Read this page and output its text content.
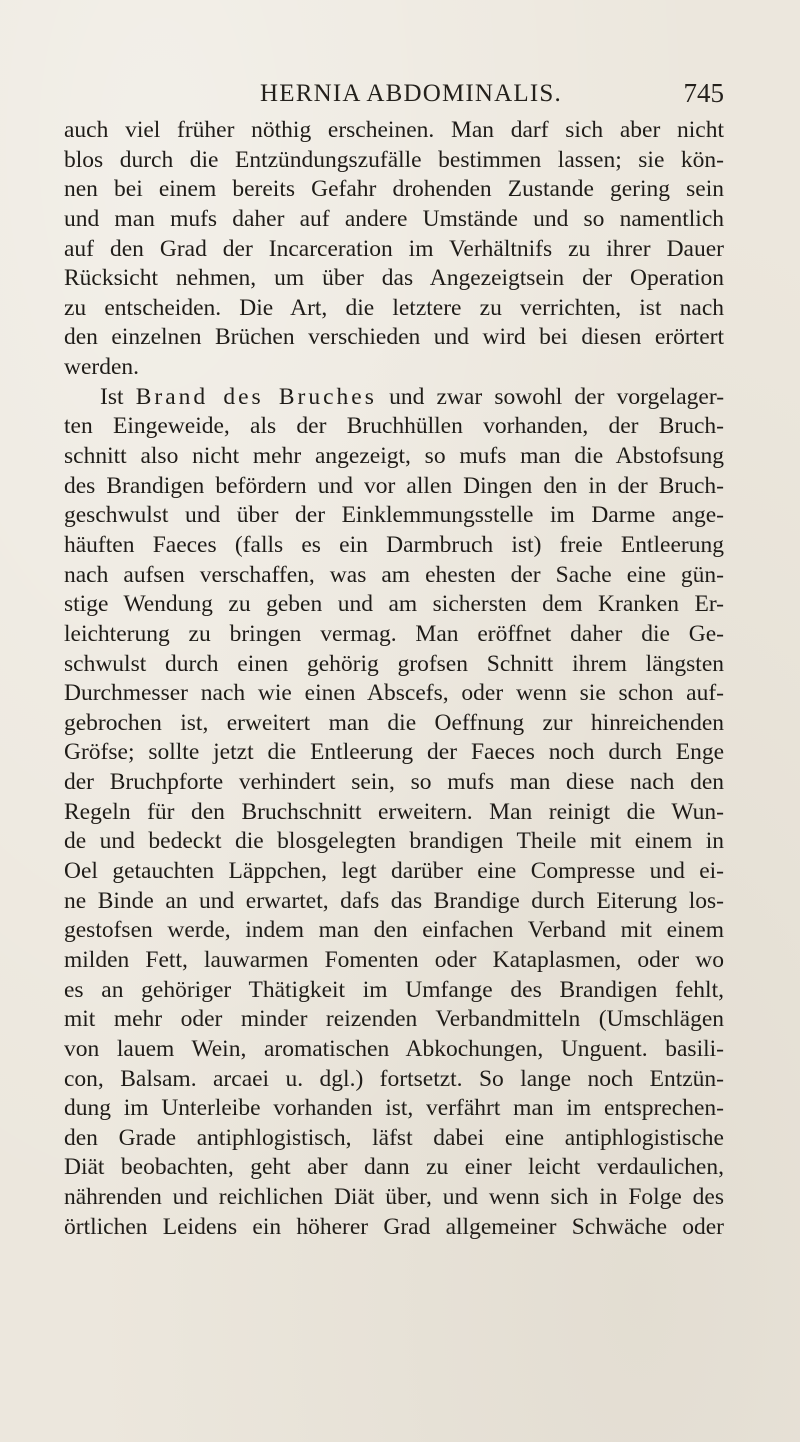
HERNIA ABDOMINALIS.	745
auch viel früher nöthig erscheinen. Man darf sich aber nicht
blos durch die Entzündungszufälle bestimmen lassen; sie kön-
nen bei einem bereits Gefahr drohenden Zustande gering sein
und man mufs daher auf andere Umstände und so namentlich
auf den Grad der Incarceration im Verhältnifs zu ihrer Dauer
Rücksicht nehmen, um über das Angezeigtsein der Operation
zu entscheiden. Die Art, die letztere zu verrichten, ist nach
den einzelnen Brüchen verschieden und wird bei diesen erörtert
werden.
Ist Brand des Bruches und zwar sowohl der vorgelager-
ten Eingeweide, als der Bruchhüllen vorhanden, der Bruch-
schnitt also nicht mehr angezeigt, so mufs man die Abstofsung
des Brandigen befördern und vor allen Dingen den in der Bruch-
geschwulst und über der Einklemmungsstelle im Darme ange-
häuften Faeces (falls es ein Darmbruch ist) freie Entleerung
nach aufsen verschaffen, was am ehesten der Sache eine gün-
stige Wendung zu geben und am sichersten dem Kranken Er-
leichterung zu bringen vermag. Man eröffnet daher die Ge-
schwulst durch einen gehörig grofsen Schnitt ihrem längsten
Durchmesser nach wie einen Abscefs, oder wenn sie schon auf-
gebrochen ist, erweitert man die Oeffnung zur hinreichenden
Gröfse; sollte jetzt die Entleerung der Faeces noch durch Enge
der Bruchpforte verhindert sein, so mufs man diese nach den
Regeln für den Bruchschnitt erweitern. Man reinigt die Wun-
de und bedeckt die blosgelegten brandigen Theile mit einem in
Oel getauchten Läppchen, legt darüber eine Compresse und ei-
ne Binde an und erwartet, dafs das Brandige durch Eiterung los-
gestofsen werde, indem man den einfachen Verband mit einem
milden Fett, lauwarmen Fomenten oder Kataplasmen, oder wo
es an gehöriger Thätigkeit im Umfange des Brandigen fehlt,
mit mehr oder minder reizenden Verbandmitteln (Umschlägen
von lauem Wein, aromatischen Abkochungen, Unguent. basili-
con, Balsam. arcaei u. dgl.) fortsetzt. So lange noch Entzün-
dung im Unterleibe vorhanden ist, verfährt man im entsprechen-
den Grade antiphlogistisch, läfst dabei eine antiphlogistische
Diät beobachten, geht aber dann zu einer leicht verdaulichen,
nährenden und reichlichen Diät über, und wenn sich in Folge des
örtlichen Leidens ein höherer Grad allgemeiner Schwäche oder
